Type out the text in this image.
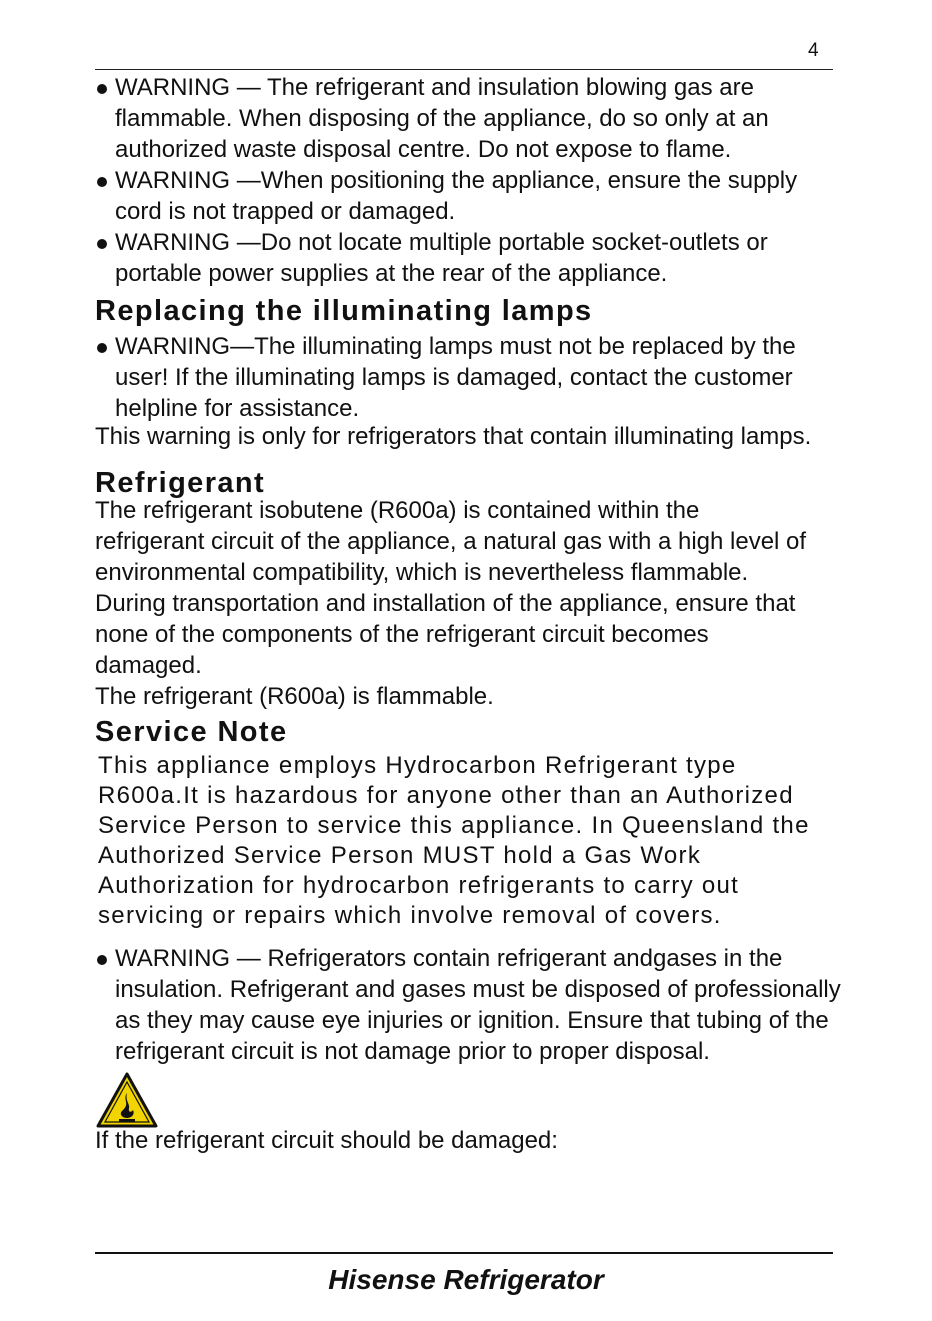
4

WARNING — The refrigerant and insulation blowing gas are flammable. When disposing of the appliance, do so only at an authorized waste disposal centre. Do not expose to flame.

WARNING —When positioning the appliance, ensure the supply cord is not trapped or damaged.

WARNING —Do not locate multiple portable socket-outlets or portable power supplies at the rear of the appliance.

Replacing the illuminating lamps

WARNING—The illuminating lamps must not be replaced by the user! If the illuminating lamps is damaged, contact the customer helpline for assistance.

This warning is only for refrigerators that contain illuminating lamps.

Refrigerant

The refrigerant isobutene (R600a) is contained within the refrigerant circuit of the appliance, a natural gas with a high level of environmental compatibility, which is nevertheless flammable. During transportation and installation of the appliance, ensure that none of the components of the refrigerant circuit becomes damaged.

The refrigerant (R600a) is flammable.

Service Note

This appliance employs Hydrocarbon Refrigerant type

R600a.It is hazardous for anyone other than an Authorized

Service Person to service this appliance. In Queensland the

Authorized Service Person MUST hold a Gas Work

Authorization for hydrocarbon refrigerants to carry out

servicing or repairs which involve removal of covers.

WARNING — Refrigerators contain refrigerant andgases in the insulation. Refrigerant and gases must be disposed of professionally as they may cause eye injuries or ignition. Ensure that tubing of the refrigerant circuit is not damage prior to proper disposal.

If the refrigerant circuit should be damaged:

Hisense Refrigerator
